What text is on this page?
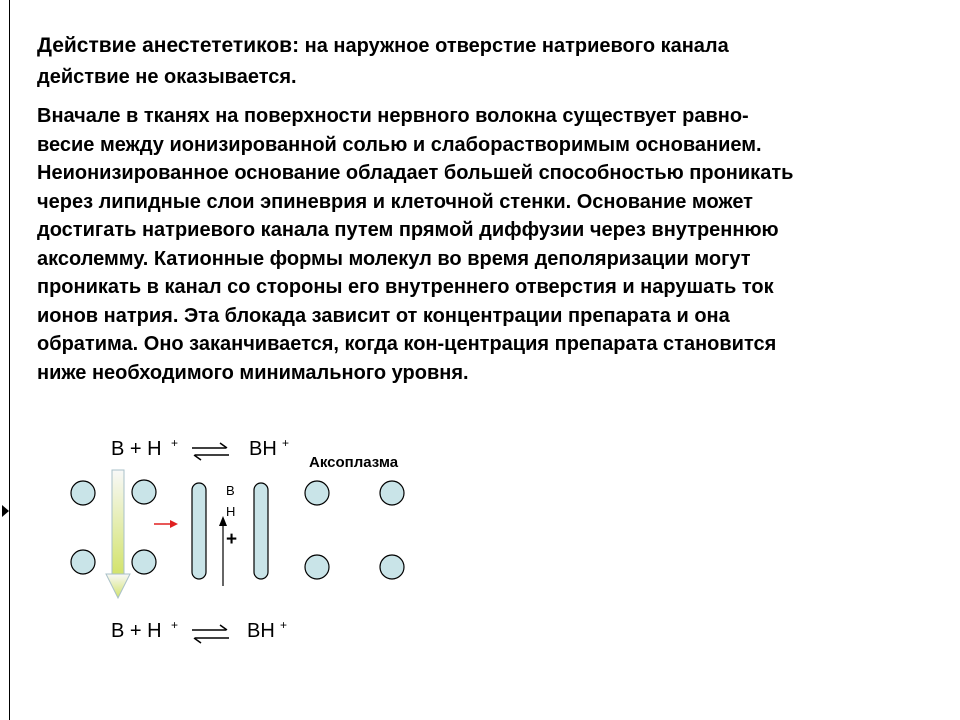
Действие анестететиков: на наружное отверстие натриевого канала
действие не оказывается.

Вначале в тканях на поверхности нервного волокна существует равно-
весие между ионизированной солью и слаборастворимым основанием.
Неионизированное основание обладает большей способностью проникать
через липидные слои эпиневрия и клеточной стенки. Основание может
достигать натриевого канала путем прямой диффузии через внутреннюю
аксолемму. Катионные формы молекул во время деполяризации могут
проникать в канал со стороны его внутреннего отверстия и нарушать ток
ионов натрия. Эта блокада зависит от концентрации препарата и она
обратима. Оно заканчивается, когда кон-центрация препарата становится
ниже необходимого минимального уровня.

B + H +	BH +
Аксоплазма
B
H
+
B + H +	BH +
